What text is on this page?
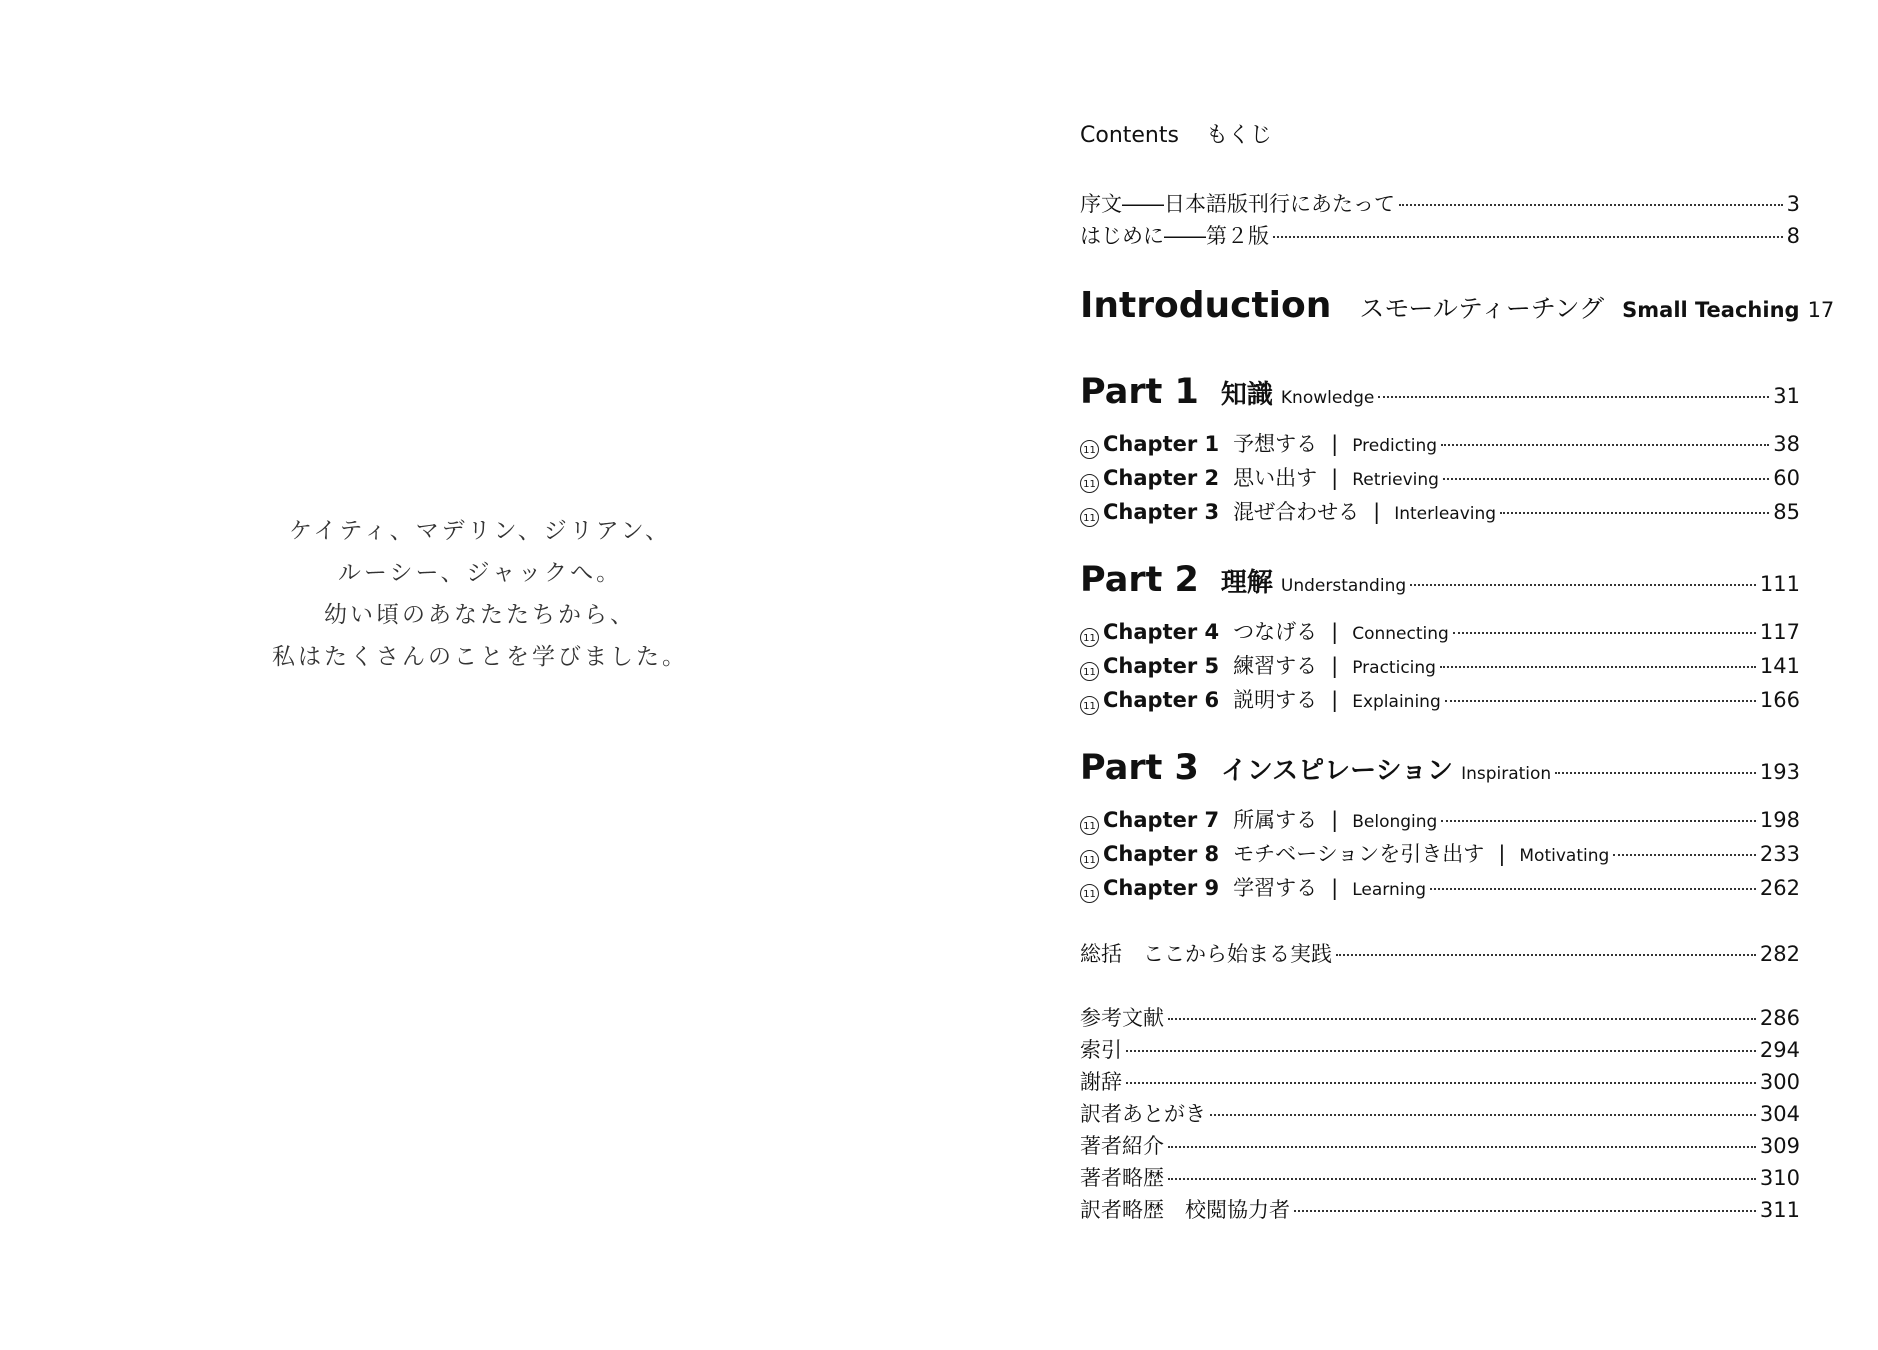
ケイティ、マデリン、ジリアン、
ルーシー、ジャックへ。
幼い頃のあなたたちから、
私はたくさんのことを学びました。
Contents もくじ
序文――日本語版刊行にあたって	3
はじめに――第２版	8
Introduction スモールティーチング Small Teaching 17
Part 1 知識 Knowledge	31
11 Chapter 1 予想する | Predicting	38
11 Chapter 2 思い出す | Retrieving	60
11 Chapter 3 混ぜ合わせる | Interleaving	85
Part 2 理解 Understanding	111
11 Chapter 4 つなげる | Connecting	117
11 Chapter 5 練習する | Practicing	141
11 Chapter 6 説明する | Explaining	166
Part 3 インスピレーション Inspiration	193
11 Chapter 7 所属する | Belonging	198
11 Chapter 8 モチベーションを引き出す | Motivating	233
11 Chapter 9 学習する | Learning	262
総括　ここから始まる実践	282
参考文献	286
索引	294
謝辞	300
訳者あとがき	304
著者紹介	309
著者略歴	310
訳者略歴　校閲協力者	311
